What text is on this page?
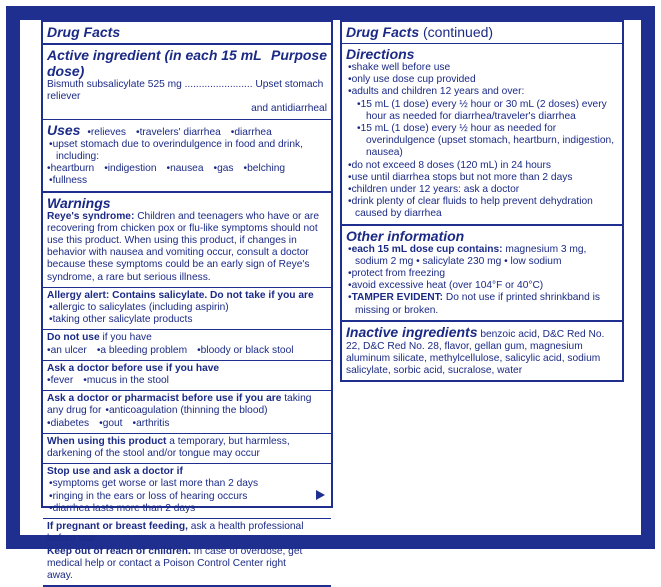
Drug Facts
Active ingredient (in each 15 mL dose)
Purpose
Bismuth subsalicylate 525 mg ........................ Upset stomach reliever
and antidiarrheal
Uses • relieves • travelers' diarrhea • diarrhea
• upset stomach due to overindulgence in food and drink, including:
• heartburn • indigestion • nausea • gas • belching
• fullness
Warnings
Reye's syndrome: Children and teenagers who have or are recovering from chicken pox or flu-like symptoms should not use this product. When using this product, if changes in behavior with nausea and vomiting occur, consult a doctor because these symptoms could be an early sign of Reye's syndrome, a rare but serious illness.
Allergy alert: Contains salicylate. Do not take if you are
• allergic to salicylates (including aspirin)
• taking other salicylate products
Do not use if you have
• an ulcer • a bleeding problem • bloody or black stool
Ask a doctor before use if you have
• fever • mucus in the stool
Ask a doctor or pharmacist before use if you are taking any drug for • anticoagulation (thinning the blood)
• diabetes • gout • arthritis
When using this product a temporary, but harmless, darkening of the stool and/or tongue may occur
Stop use and ask a doctor if
• symptoms get worse or last more than 2 days
• ringing in the ears or loss of hearing occurs
• diarrhea lasts more than 2 days
If pregnant or breast feeding, ask a health professional before use.
Keep out of reach of children. In case of overdose, get medical help or contact a Poison Control Center right away.
Drug Facts (continued)
Directions
• shake well before use
• only use dose cup provided
• adults and children 12 years and over:
• 15 mL (1 dose) every ½ hour or 30 mL (2 doses) every hour as needed for diarrhea/traveler's diarrhea
• 15 mL (1 dose) every ½ hour as needed for overindulgence (upset stomach, heartburn, indigestion, nausea)
• do not exceed 8 doses (120 mL) in 24 hours
• use until diarrhea stops but not more than 2 days
• children under 12 years: ask a doctor
• drink plenty of clear fluids to help prevent dehydration caused by diarrhea
Other information
• each 15 mL dose cup contains: magnesium 3 mg, sodium 2 mg • salicylate 230 mg • low sodium
• protect from freezing
• avoid excessive heat (over 104°F or 40°C)
• TAMPER EVIDENT: Do not use if printed shrinkband is missing or broken.
Inactive ingredients benzoic acid, D&C Red No. 22, D&C Red No. 28, flavor, gellan gum, magnesium aluminum silicate, methylcellulose, salicylic acid, sodium salicylate, sorbic acid, sucralose, water
